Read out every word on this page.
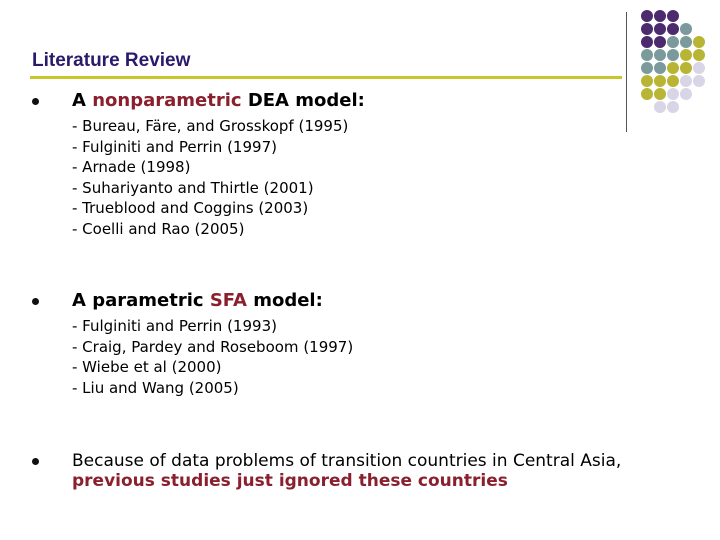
Literature Review
A nonparametric DEA model:
- Bureau, Färe, and Grosskopf (1995)
- Fulginiti and Perrin (1997)
- Arnade (1998)
- Suhariyanto and Thirtle (2001)
- Trueblood and Coggins (2003)
- Coelli and Rao (2005)
A parametric SFA model:
- Fulginiti and Perrin (1993)
- Craig, Pardey and Roseboom (1997)
- Wiebe et al (2000)
- Liu and Wang (2005)
Because of data problems of transition countries in Central Asia,
previous studies just ignored these countries
